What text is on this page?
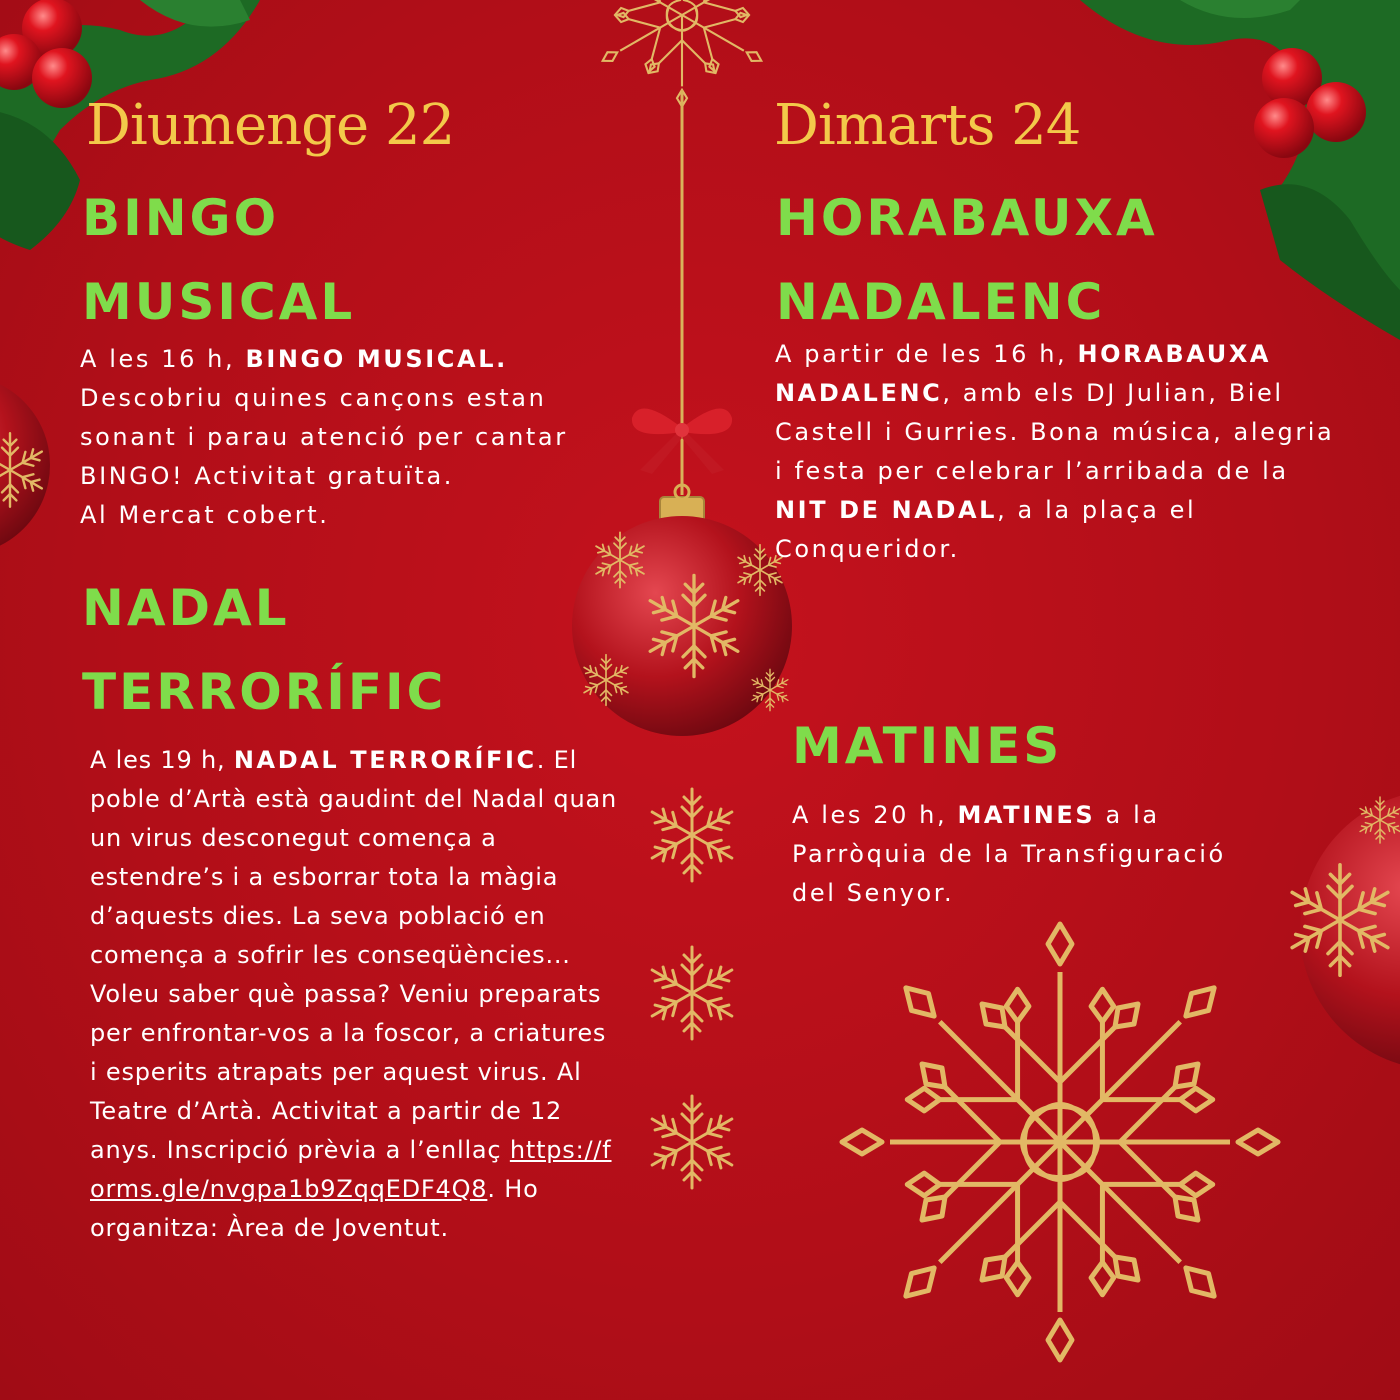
Diumenge 22
BINGO
MUSICAL

A les 16 h, BINGO MUSICAL.
Descobriu quines cançons estan sonant i parau atenció per cantar BINGO! Activitat gratuïta.
Al Mercat cobert.

NADAL
TERRORÍFIC

A les 19 h, NADAL TERRORÍFIC. El poble d’Artà està gaudint del Nadal quan un virus desconegut comença a estendre’s i a esborrar tota la màgia d’aquests dies. La seva població en comença a sofrir les conseqüències... Voleu saber què passa? Veniu preparats per enfrontar-vos a la foscor, a criatures i esperits atrapats per aquest virus. Al Teatre d’Artà. Activitat a partir de 12 anys. Inscripció prèvia a l’enllaç https://forms.gle/nvgpa1b9ZqqEDF4Q8. Ho organitza: Àrea de Joventut.

Dimarts 24
HORABAUXA
NADALENC

A partir de les 16 h, HORABAUXA NADALENC, amb els DJ Julian, Biel Castell i Gurries. Bona música, alegria i festa per celebrar l’arribada de la NIT DE NADAL, a la plaça el Conqueridor.

MATINES

A les 20 h, MATINES a la Parròquia de la Transfiguració del Senyor.
